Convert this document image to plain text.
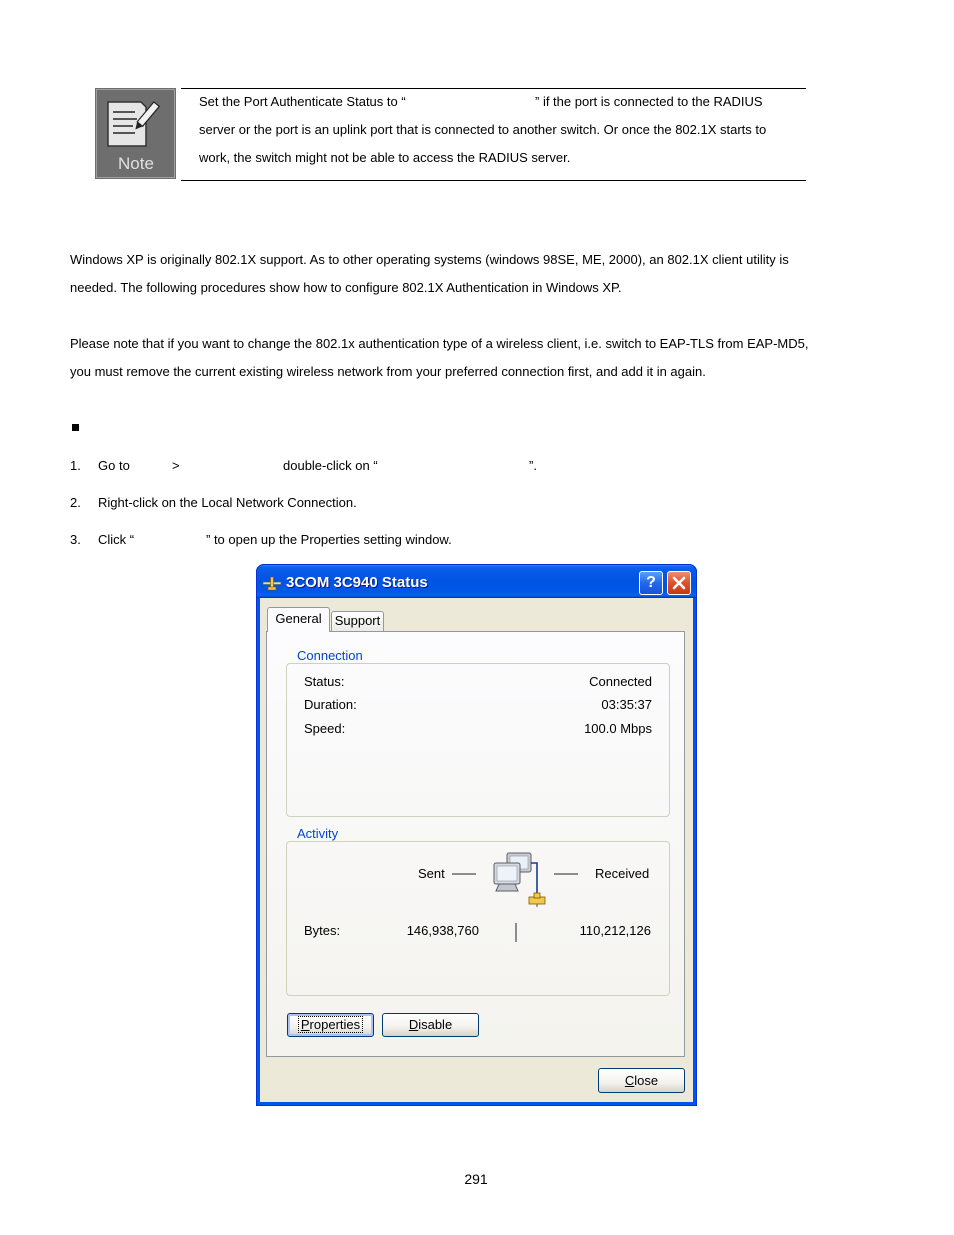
Note
Set the Port Authenticate Status to “	” if the port is connected to the RADIUS
server or the port is an uplink port that is connected to another switch. Or once the 802.1X starts to
work, the switch might not be able to access the RADIUS server.
Windows XP is originally 802.1X support. As to other operating systems (windows 98SE, ME, 2000), an 802.1X client utility is
needed. The following procedures show how to configure 802.1X Authentication in Windows XP.
Please note that if you want to change the 802.1x authentication type of a wireless client, i.e. switch to EAP-TLS from EAP-MD5,
you must remove the current existing wireless network from your preferred connection first, and add it in again.
1. Go to	>	double-click on “	”.
2. Right-click on the Local Network Connection.
3. Click “	” to open up the Properties setting window.
3COM 3C940 Status	?
General	Support
Connection
Status:	Connected
Duration:	03:35:37
Speed:	100.0 Mbps
Activity
Sent	Received
Bytes:	146,938,760	110,212,126
Properties	Disable
Close
291
